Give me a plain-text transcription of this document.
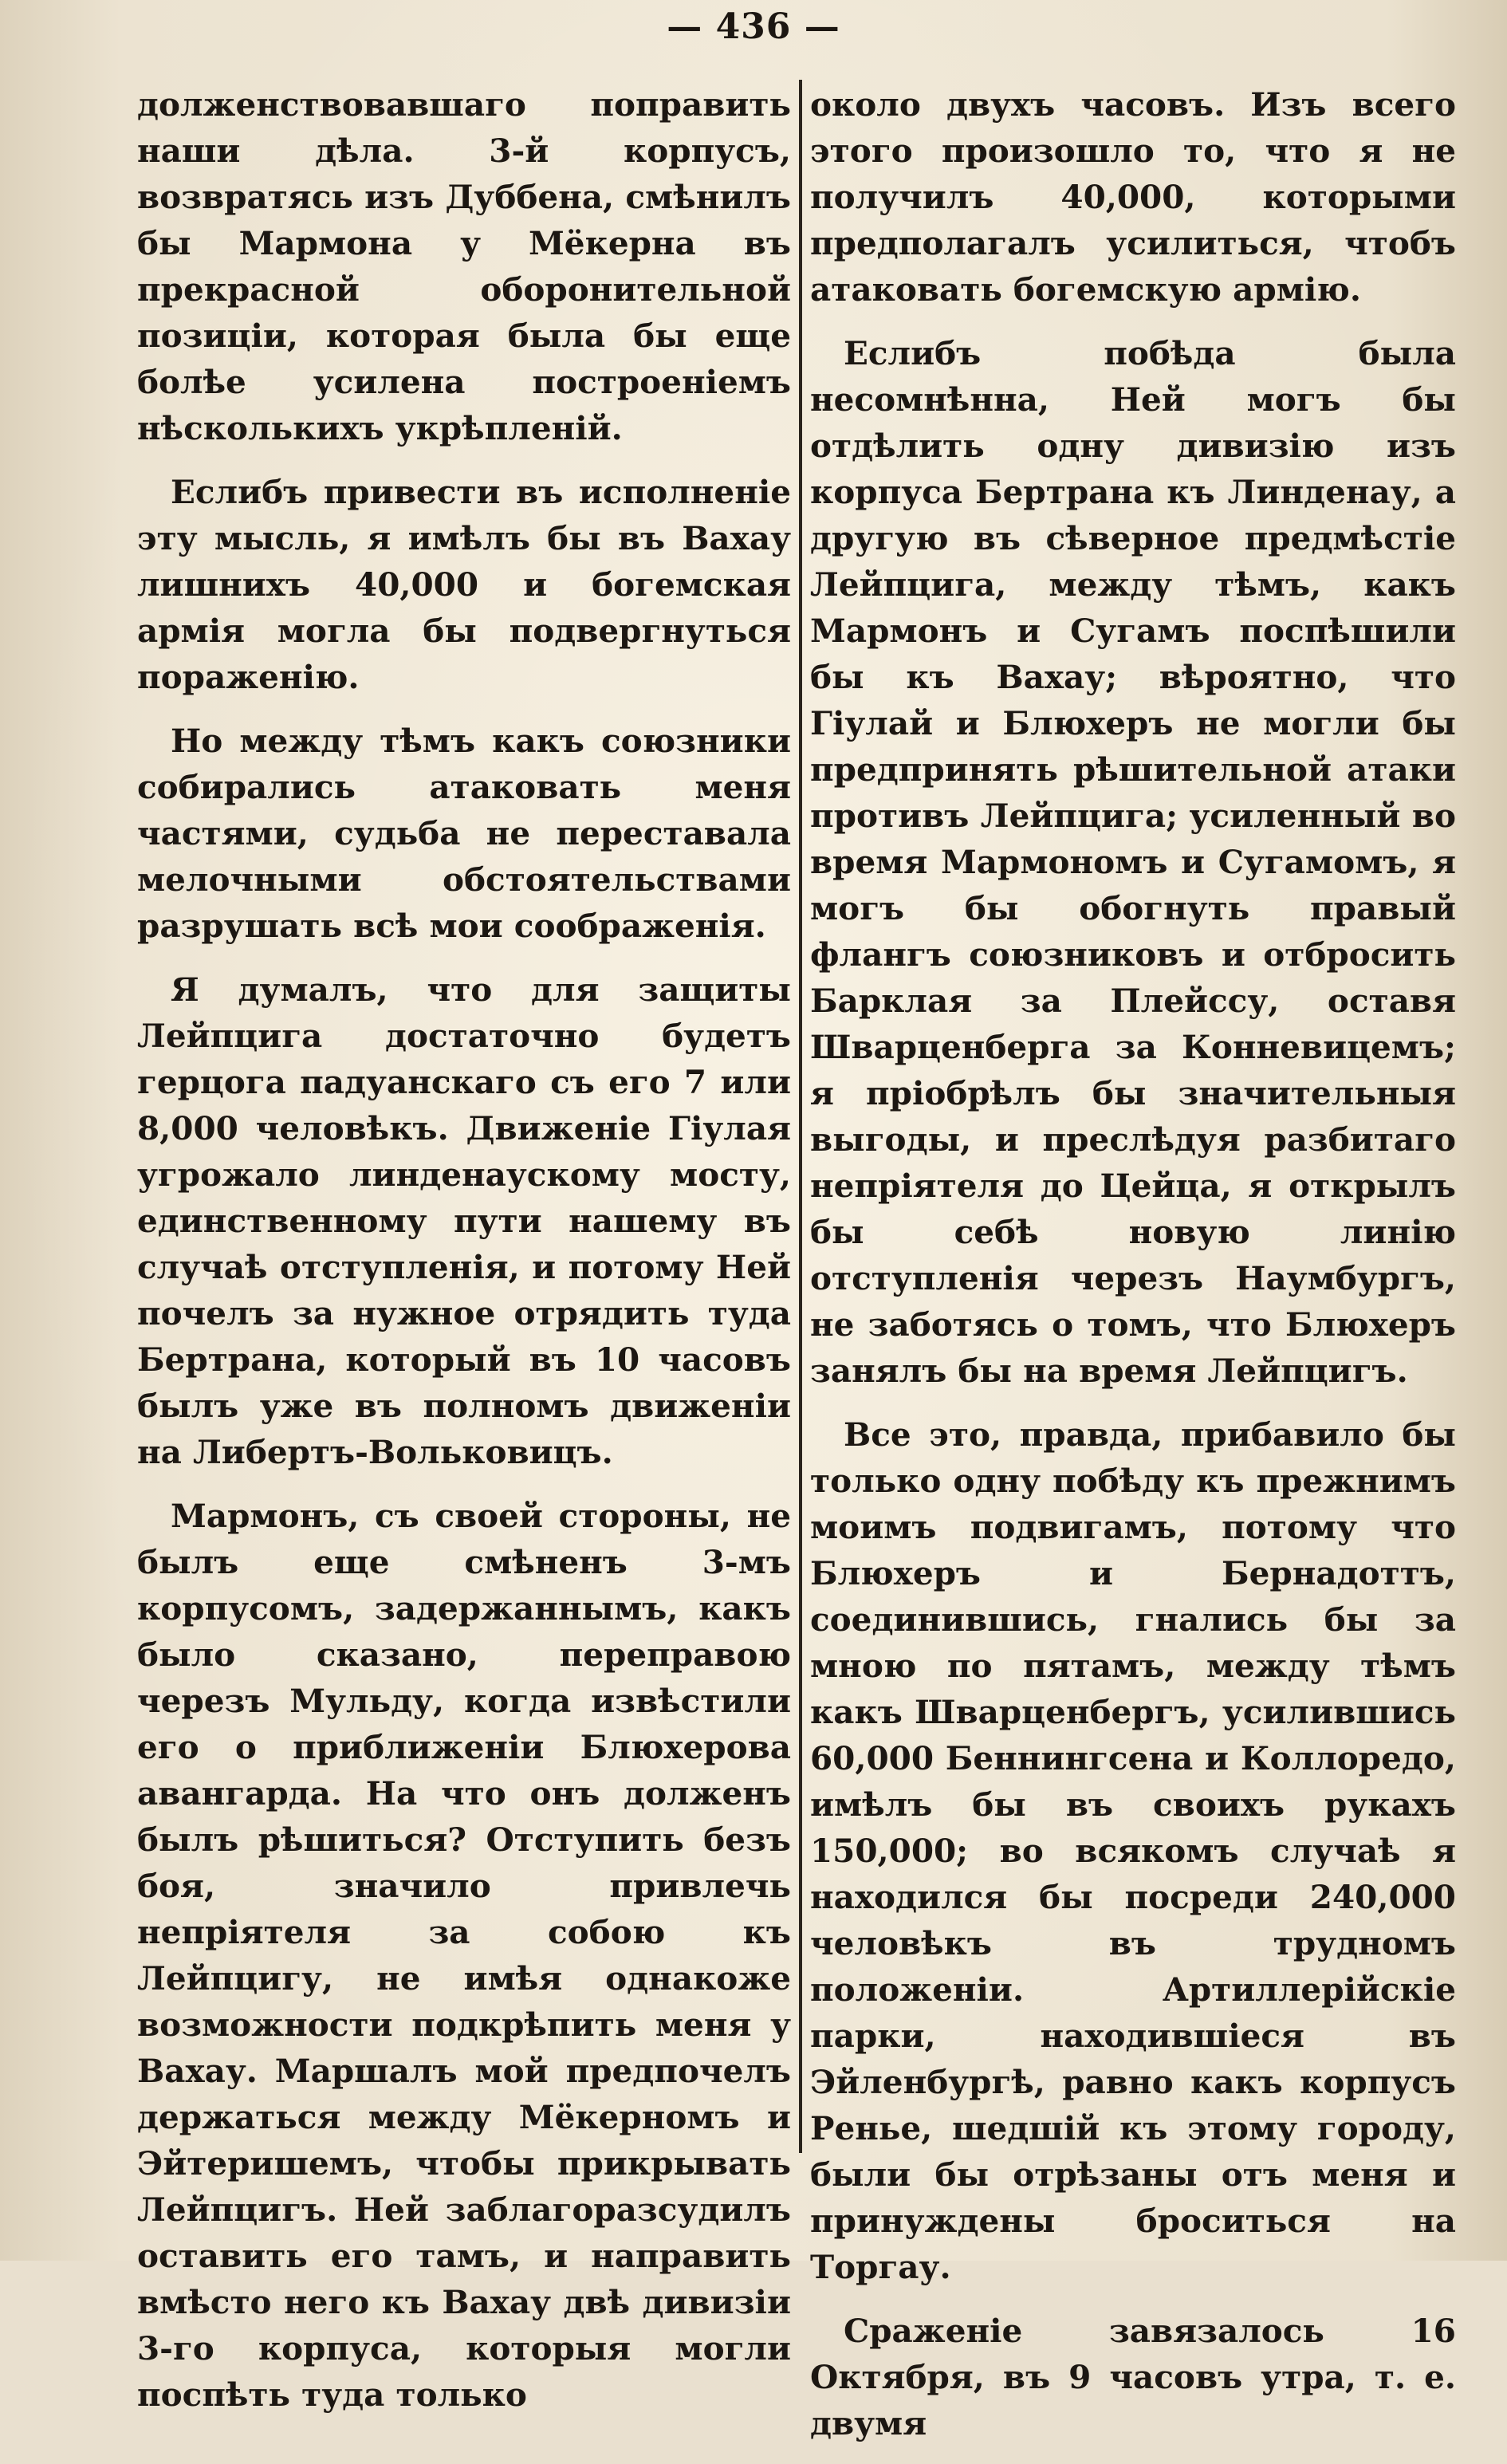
— 436 —

долженствовавшаго поправить наши дѣла. 3-й корпусъ, возвратясь изъ Дуббена, смѣнилъ бы Мармона у Мёкерна въ прекрасной оборонительной позиціи, которая была бы еще болѣе усилена построеніемъ нѣсколькихъ укрѣпленій.

Еслибъ привести въ исполненіе эту мысль, я имѣлъ бы въ Вахау лишнихъ 40,000 и богемская армія могла бы подвергнуться пораженію.

Но между тѣмъ какъ союзники собирались атаковать меня частями, судьба не переставала мелочными обстоятельствами разрушать всѣ мои соображенія.

Я думалъ, что для защиты Лейпцига достаточно будетъ герцога падуанскаго съ его 7 или 8,000 человѣкъ. Движеніе Гіулая угрожало линденаускому мосту, единственному пути нашему въ случаѣ отступленія, и потому Ней почелъ за нужное отрядить туда Бертрана, который въ 10 часовъ былъ уже въ полномъ движеніи на Либертъ-Вольковицъ.

Мармонъ, съ своей стороны, не былъ еще смѣненъ 3-мъ корпусомъ, задержаннымъ, какъ было сказано, переправою черезъ Мульду, когда извѣстили его о приближеніи Блюхерова авангарда. На что онъ долженъ былъ рѣшиться? Отступить безъ боя, значило привлечь непріятеля за собою къ Лейпцигу, не имѣя однакоже возможности подкрѣпить меня у Вахау. Маршалъ мой предпочелъ держаться между Мёкерномъ и Эйтеришемъ, чтобы прикрывать Лейпцигъ. Ней заблагоразсудилъ оставить его тамъ, и направить вмѣсто него къ Вахау двѣ дивизіи 3-го корпуса, которыя могли поспѣть туда только

около двухъ часовъ. Изъ всего этого произошло то, что я не получилъ 40,000, которыми предполагалъ усилиться, чтобъ атаковать богемскую армію.

Еслибъ побѣда была несомнѣнна, Ней могъ бы отдѣлить одну дивизію изъ корпуса Бертрана къ Линденау, а другую въ сѣверное предмѣстіе Лейпцига, между тѣмъ, какъ Мармонъ и Сугамъ поспѣшили бы къ Вахау; вѣроятно, что Гіулай и Блюхеръ не могли бы предпринять рѣшительной атаки противъ Лейпцига; усиленный во время Мармономъ и Сугамомъ, я могъ бы обогнуть правый флангъ союзниковъ и отбросить Барклая за Плейссу, оставя Шварценберга за Конневицемъ; я пріобрѣлъ бы значительныя выгоды, и преслѣдуя разбитаго непріятеля до Цейца, я открылъ бы себѣ новую линію отступленія черезъ Наумбургъ, не заботясь о томъ, что Блюхеръ занялъ бы на время Лейпцигъ.

Все это, правда, прибавило бы только одну побѣду къ прежнимъ моимъ подвигамъ, потому что Блюхеръ и Бернадоттъ, соединившись, гнались бы за мною по пятамъ, между тѣмъ какъ Шварценбергъ, усилившись 60,000 Беннингсена и Коллоредо, имѣлъ бы въ своихъ рукахъ 150,000; во всякомъ случаѣ я находился бы посреди 240,000 человѣкъ въ трудномъ положеніи. Артиллерійскіе парки, находившіеся въ Эйленбургѣ, равно какъ корпусъ Ренье, шедшій къ этому городу, были бы отрѣзаны отъ меня и принуждены броситься на Торгау.

Сраженіе завязалось 16 Октября, въ 9 часовъ утра, т. е. двумя
